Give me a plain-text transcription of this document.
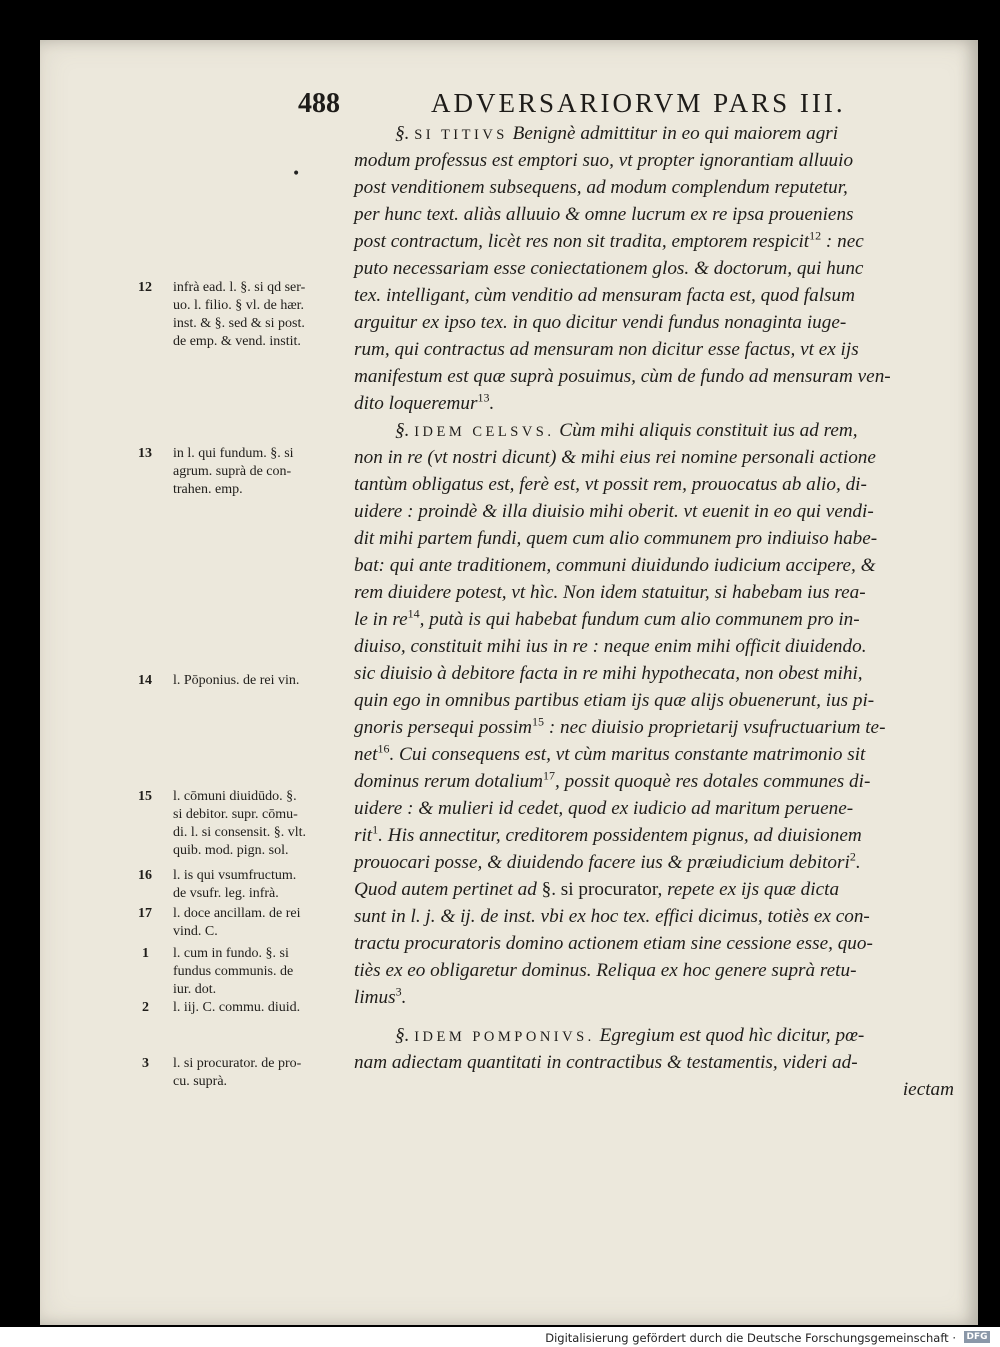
488	ADVERSARIORVM PARS III.
•
12 infrà ead. l. §. si qd ser-
uo. l. filio. § vl. de hær.
inst. & §. sed & si post.
de emp. & vend. instit.
13 in l. qui fundum. §. si
agrum. suprà de con-
trahen. emp.
14 l. Pōponius. de rei vin.
15 l. cōmuni diuidūdo. §.
si debitor. supr. cōmu-
di. l. si consensit. §. vlt.
quib. mod. pign. sol.
16 l. is qui vsumfructum.
de vsufr. leg. infrà.
17 l. doce ancillam. de rei
vind. C.
1 l. cum in fundo. §. si
fundus communis. de
iur. dot.
2 l. iij. C. commu. diuid.
3 l. si procurator. de pro-
cu. suprà.
§. SI TITIVS Benignè admittitur in eo qui maiorem agri
modum professus est emptori suo, vt propter ignorantiam alluuio
post venditionem subsequens, ad modum complendum reputetur,
per hunc text. aliàs alluuio & omne lucrum ex re ipsa proueniens
post contractum, licèt res non sit tradita, emptorem respicit$^{12}$ : nec
puto necessariam esse coniectationem glos. & doctorum, qui hunc
tex. intelligant, cùm venditio ad mensuram facta est, quod falsum
arguitur ex ipso tex. in quo dicitur vendi fundus nonaginta iuge-
rum, qui contractus ad mensuram non dicitur esse factus, vt ex ijs
manifestum est quæ suprà posuimus, cùm de fundo ad mensuram ven-
dito loqueremur$^{13}$.
§. IDEM CELSVS. Cùm mihi aliquis constituit ius ad rem,
non in re (vt nostri dicunt) & mihi eius rei nomine personali actione
tantùm obligatus est, ferè est, vt possit rem, prouocatus ab alio, di-
uidere : proindè & illa diuisio mihi oberit. vt euenit in eo qui vendi-
dit mihi partem fundi, quem cum alio communem pro indiuiso habe-
bat: qui ante traditionem, communi diuidundo iudicium accipere, &
rem diuidere potest, vt hìc. Non idem statuitur, si habebam ius rea-
le in $re^{14}$, putà is qui habebat fundum cum alio communem pro in-
diuiso, constituit mihi ius in re : neque enim mihi officit diuidendo.
sic diuisio à debitore facta in re mihi hypothecata, non obest mihi,
quin ego in omnibus partibus etiam ijs quæ alijs obuenerunt, ius pi-
gnoris persequi possim$^{15}$ : nec diuisio proprietarij vsufructuarium te-
net$^{16}$. Cui consequens est, vt cùm maritus constante matrimonio sit
dominus rerum dotalium$^{17}$, possit quoquè res dotales communes di-
uidere : & mulieri id cedet, quod ex iudicio ad maritum peruene-
rit$^1$. His annectitur, creditorem possidentem pignus, ad diuisionem
prouocari posse, & diuidendo facere ius & præiudicium debitori$^2$.
Quod autem pertinet ad §. si procurator, repete ex ijs quæ dicta
sunt in l. j. & ij. de inst. vbi ex hoc tex. effici dicimus, totiès ex con-
tractu procuratoris domino actionem etiam sine cessione esse, quo-
tiès ex eo obligaretur dominus. Reliqua ex hoc genere suprà retu-
limus$^3$.
§. IDEM POMPONIVS. Egregium est quod hìc dicitur, pœ-
nam adiectam quantitati in contractibus & testamentis, videri ad-
iectam
Digitalisierung gefördert durch die Deutsche Forschungsgemeinschaft · DFG
